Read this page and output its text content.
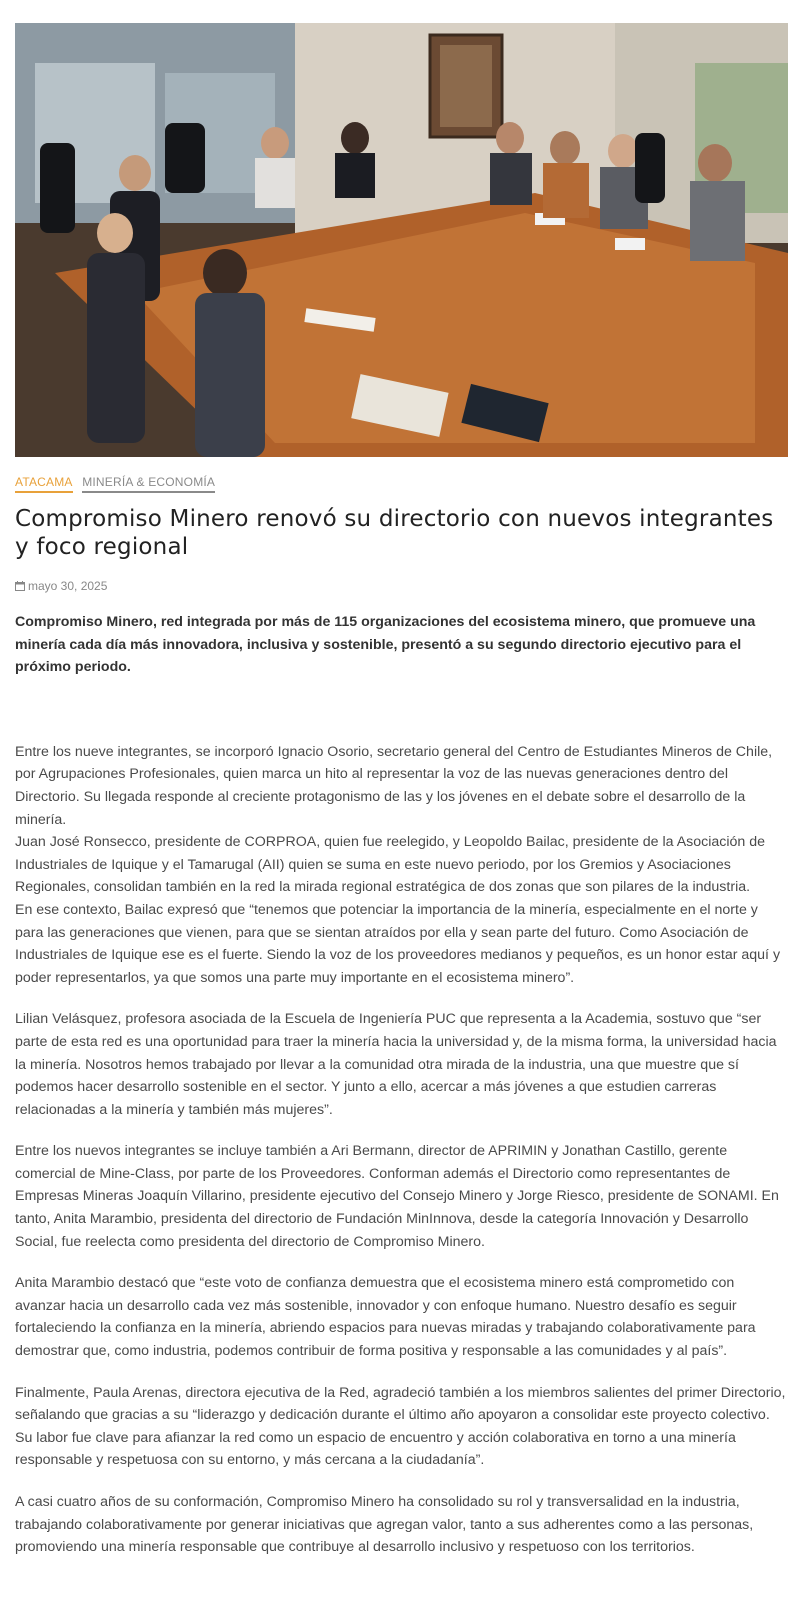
ATACAMA MINERÍA & ECONOMÍA
Compromiso Minero renovó su directorio con nuevos integrantes y foco regional
mayo 30, 2025

Compromiso Minero, red integrada por más de 115 organizaciones del ecosistema minero, que promueve una minería cada día más innovadora, inclusiva y sostenible, presentó a su segundo directorio ejecutivo para el próximo periodo.

Entre los nueve integrantes, se incorporó Ignacio Osorio, secretario general del Centro de Estudiantes Mineros de Chile, por Agrupaciones Profesionales, quien marca un hito al representar la voz de las nuevas generaciones dentro del Directorio. Su llegada responde al creciente protagonismo de las y los jóvenes en el debate sobre el desarrollo de la minería.

Juan José Ronsecco, presidente de CORPROA, quien fue reelegido, y Leopoldo Bailac, presidente de la Asociación de Industriales de Iquique y el Tamarugal (AII) quien se suma en este nuevo periodo, por los Gremios y Asociaciones Regionales, consolidan también en la red la mirada regional estratégica de dos zonas que son pilares de la industria.

En ese contexto, Bailac expresó que “tenemos que potenciar la importancia de la minería, especialmente en el norte y para las generaciones que vienen, para que se sientan atraídos por ella y sean parte del futuro. Como Asociación de Industriales de Iquique ese es el fuerte. Siendo la voz de los proveedores medianos y pequeños, es un honor estar aquí y poder representarlos, ya que somos una parte muy importante en el ecosistema minero”.

Lilian Velásquez, profesora asociada de la Escuela de Ingeniería PUC que representa a la Academia, sostuvo que “ser parte de esta red es una oportunidad para traer la minería hacia la universidad y, de la misma forma, la universidad hacia la minería. Nosotros hemos trabajado por llevar a la comunidad otra mirada de la industria, una que muestre que sí podemos hacer desarrollo sostenible en el sector. Y junto a ello, acercar a más jóvenes a que estudien carreras relacionadas a la minería y también más mujeres”.

Entre los nuevos integrantes se incluye también a Ari Bermann, director de APRIMIN y Jonathan Castillo, gerente comercial de Mine-Class, por parte de los Proveedores. Conforman además el Directorio como representantes de Empresas Mineras Joaquín Villarino, presidente ejecutivo del Consejo Minero y Jorge Riesco, presidente de SONAMI. En tanto, Anita Marambio, presidenta del directorio de Fundación MinInnova, desde la categoría Innovación y Desarrollo Social, fue reelecta como presidenta del directorio de Compromiso Minero.

Anita Marambio destacó que “este voto de confianza demuestra que el ecosistema minero está comprometido con avanzar hacia un desarrollo cada vez más sostenible, innovador y con enfoque humano. Nuestro desafío es seguir fortaleciendo la confianza en la minería, abriendo espacios para nuevas miradas y trabajando colaborativamente para demostrar que, como industria, podemos contribuir de forma positiva y responsable a las comunidades y al país”.

Finalmente, Paula Arenas, directora ejecutiva de la Red, agradeció también a los miembros salientes del primer Directorio, señalando que gracias a su “liderazgo y dedicación durante el último año apoyaron a consolidar este proyecto colectivo. Su labor fue clave para afianzar la red como un espacio de encuentro y acción colaborativa en torno a una minería responsable y respetuosa con su entorno, y más cercana a la ciudadanía”.

A casi cuatro años de su conformación, Compromiso Minero ha consolidado su rol y transversalidad en la industria, trabajando colaborativamente por generar iniciativas que agregan valor, tanto a sus adherentes como a las personas, promoviendo una minería responsable que contribuye al desarrollo inclusivo y respetuoso con los territorios.
